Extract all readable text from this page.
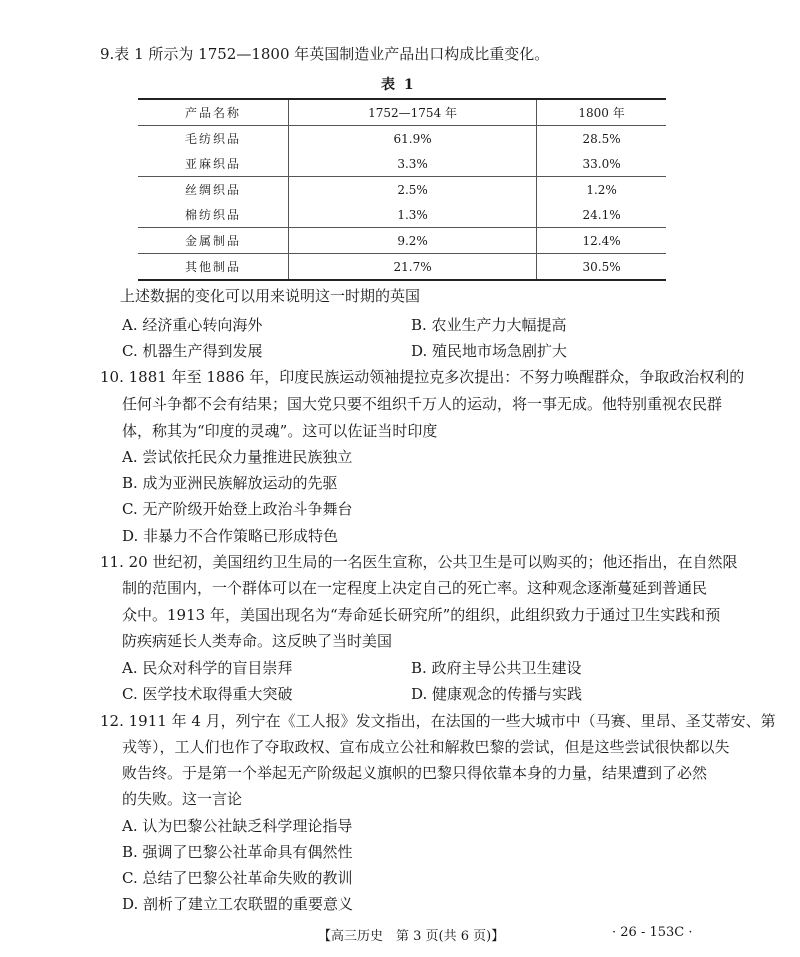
9.表 1 所示为 1752—1800 年英国制造业产品出口构成比重变化。
表 1
产品名称	1752—1754 年	1800 年
毛纺织品	61.9%	28.5%
亚麻织品	3.3%	33.0%
丝绸织品	2.5%	1.2%
棉纺织品	1.3%	24.1%
金属制品	9.2%	12.4%
其他制品	21.7%	30.5%
上述数据的变化可以用来说明这一时期的英国
A. 经济重心转向海外	B. 农业生产力大幅提高
C. 机器生产得到发展	D. 殖民地市场急剧扩大
10. 1881 年至 1886 年，印度民族运动领袖提拉克多次提出：不努力唤醒群众，争取政治权利的
任何斗争都不会有结果；国大党只要不组织千万人的运动，将一事无成。他特别重视农民群
体，称其为“印度的灵魂”。这可以佐证当时印度
A. 尝试依托民众力量推进民族独立
B. 成为亚洲民族解放运动的先驱
C. 无产阶级开始登上政治斗争舞台
D. 非暴力不合作策略已形成特色
11. 20 世纪初，美国纽约卫生局的一名医生宣称，公共卫生是可以购买的；他还指出，在自然限
制的范围内，一个群体可以在一定程度上决定自己的死亡率。这种观念逐渐蔓延到普通民
众中。1913 年，美国出现名为“寿命延长研究所”的组织，此组织致力于通过卫生实践和预
防疾病延长人类寿命。这反映了当时美国
A. 民众对科学的盲目崇拜	B. 政府主导公共卫生建设
C. 医学技术取得重大突破	D. 健康观念的传播与实践
12. 1911 年 4 月，列宁在《工人报》发文指出，在法国的一些大城市中（马赛、里昂、圣艾蒂安、第
戎等），工人们也作了夺取政权、宣布成立公社和解救巴黎的尝试，但是这些尝试很快都以失
败告终。于是第一个举起无产阶级起义旗帜的巴黎只得依靠本身的力量，结果遭到了必然
的失败。这一言论
A. 认为巴黎公社缺乏科学理论指导
B. 强调了巴黎公社革命具有偶然性
C. 总结了巴黎公社革命失败的教训
D. 剖析了建立工农联盟的重要意义
【高三历史　第 3 页(共 6 页)】	· 26 - 153C ·
